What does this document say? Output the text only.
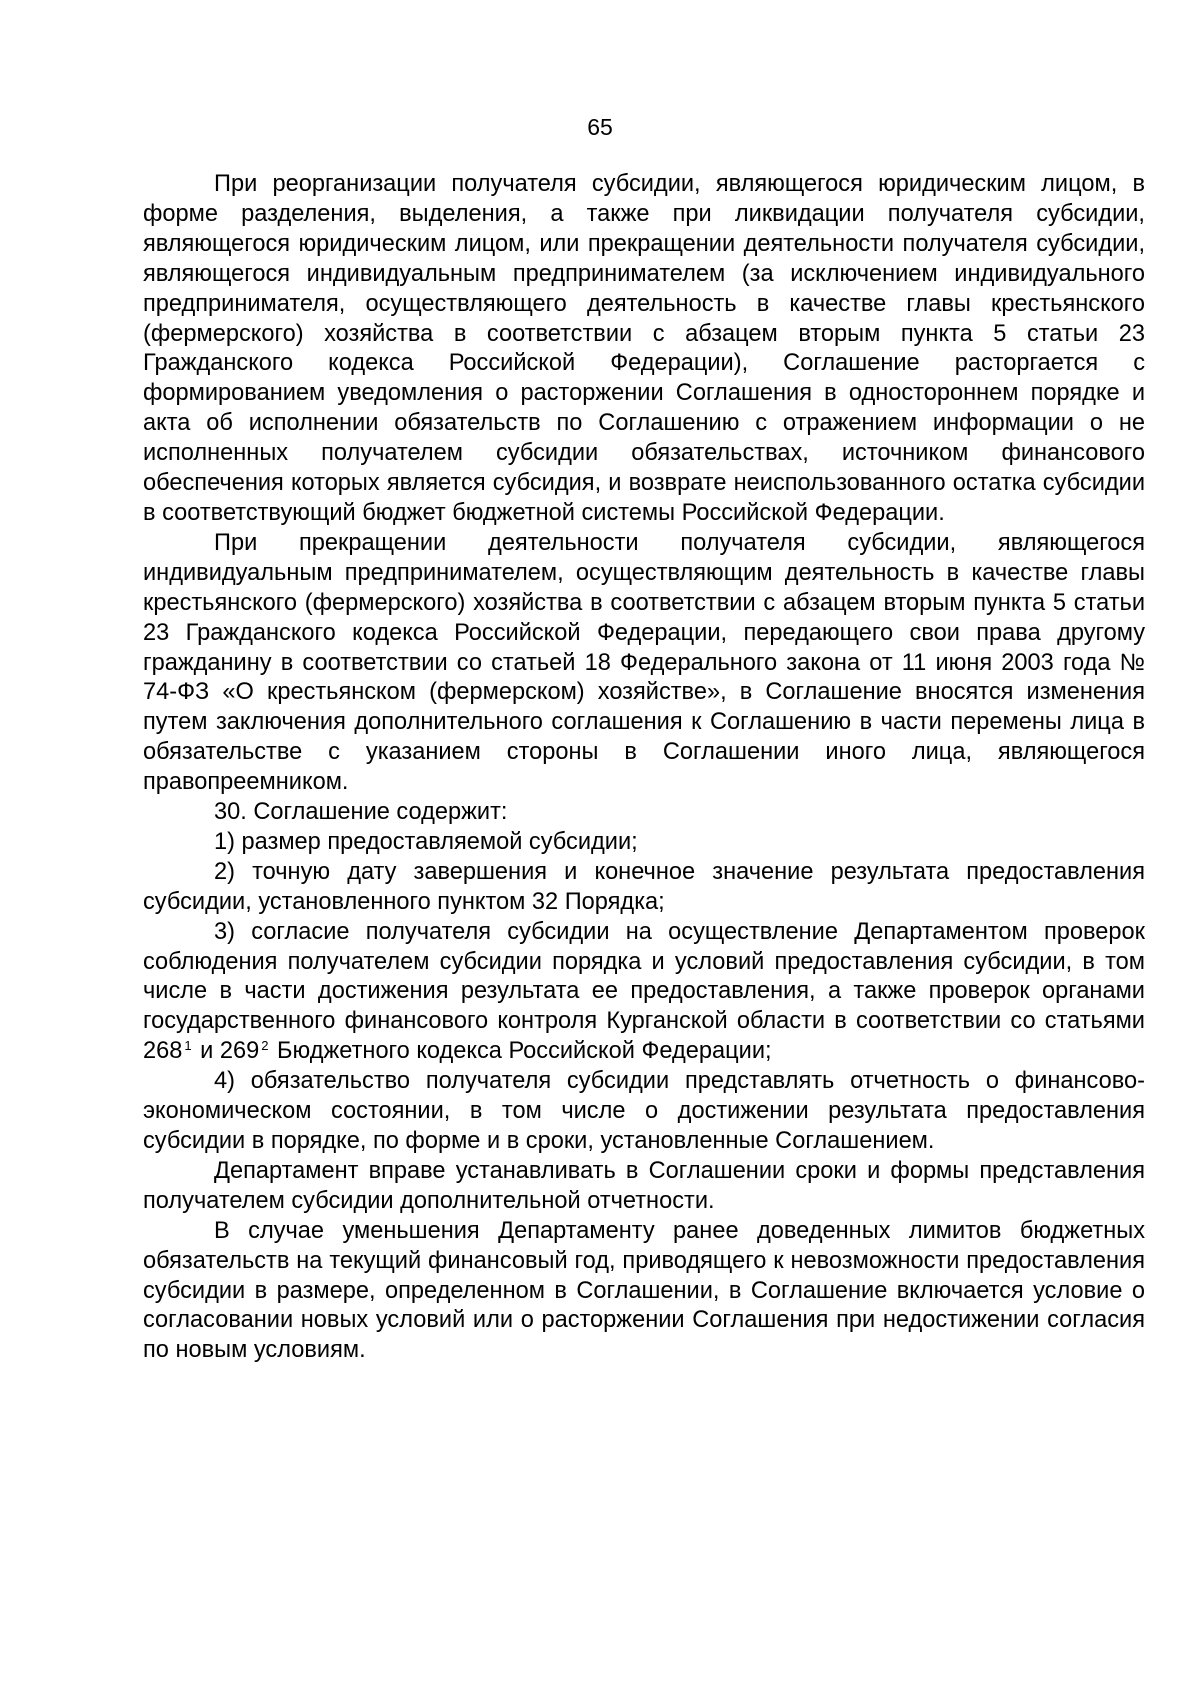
65

При реорганизации получателя субсидии, являющегося юридическим лицом, в форме разделения, выделения, а также при ликвидации получателя субсидии, являющегося юридическим лицом, или прекращении деятельности получателя субсидии, являющегося индивидуальным предпринимателем (за исключением индивидуального предпринимателя, осуществляющего деятельность в качестве главы крестьянского (фермерского) хозяйства в соответствии с абзацем вторым пункта 5 статьи 23 Гражданского кодекса Российской Федерации), Соглашение расторгается с формированием уведомления о расторжении Соглашения в одностороннем порядке и акта об исполнении обязательств по Соглашению с отражением информации о не исполненных получателем субсидии обязательствах, источником финансового обеспечения которых является субсидия, и возврате неиспользованного остатка субсидии в соответствующий бюджет бюджетной системы Российской Федерации.

При прекращении деятельности получателя субсидии, являющегося индивидуальным предпринимателем, осуществляющим деятельность в качестве главы крестьянского (фермерского) хозяйства в соответствии с абзацем вторым пункта 5 статьи 23 Гражданского кодекса Российской Федерации, передающего свои права другому гражданину в соответствии со статьей 18 Федерального закона от 11 июня 2003 года № 74-ФЗ «О крестьянском (фермерском) хозяйстве», в Соглашение вносятся изменения путем заключения дополнительного соглашения к Соглашению в части перемены лица в обязательстве с указанием стороны в Соглашении иного лица, являющегося правопреемником.

30. Соглашение содержит:

1) размер предоставляемой субсидии;

2) точную дату завершения и конечное значение результата предоставления субсидии, установленного пунктом 32 Порядка;

3) согласие получателя субсидии на осуществление Департаментом проверок соблюдения получателем субсидии порядка и условий предоставления субсидии, в том числе в части достижения результата ее предоставления, а также проверок органами государственного финансового контроля Курганской области в соответствии со статьями 268 $^1$ и 269 $^2$ Бюджетного кодекса Российской Федерации;

4) обязательство получателя субсидии представлять отчетность о финансово-экономическом состоянии, в том числе о достижении результата предоставления субсидии в порядке, по форме и в сроки, установленные Соглашением.

Департамент вправе устанавливать в Соглашении сроки и формы представления получателем субсидии дополнительной отчетности.

В случае уменьшения Департаменту ранее доведенных лимитов бюджетных обязательств на текущий финансовый год, приводящего к невозможности предоставления субсидии в размере, определенном в Соглашении, в Соглашение включается условие о согласовании новых условий или о расторжении Соглашения при недостижении согласия по новым условиям.
